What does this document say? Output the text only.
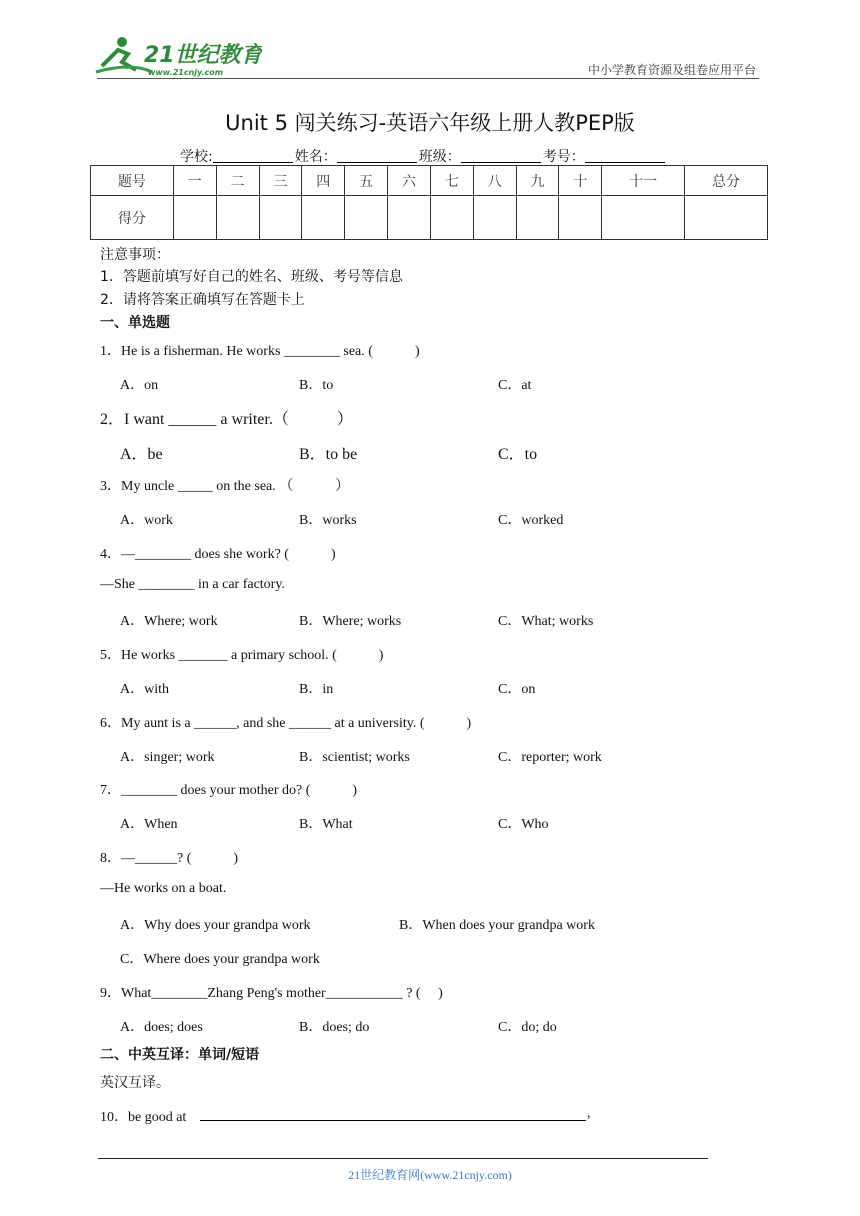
21世纪教育
www.21cnjy.com	中小学教育资源及组卷应用平台
Unit 5 闯关练习-英语六年级上册人教PEP版
学校:	姓名：	班级：	考号：
题号	一	二	三	四	五	六	七	八	九	十	十一	总分
得分												
注意事项：
1．答题前填写好自己的姓名、班级、考号等信息
2．请将答案正确填写在答题卡上
一、单选题
1．He is a fisherman. He works ________ sea. (　　　)
A．on	B．to	C．at
2．I want ______ a writer.（　　　）
A．be	B．to be	C．to
3．My uncle _____ on the sea. （　　　）
A．work	B．works	C．worked
4．—________ does she work? (　　　)
—She ________ in a car factory.
A．Where; work	B．Where; works	C．What; works
5．He works _______ a primary school. (　　　)
A．with	B．in	C．on
6．My aunt is a ______, and she ______ at a university. (　　　)
A．singer; work	B．scientist; works	C．reporter; work
7．________ does your mother do? (　　　)
A．When	B．What	C．Who
8．—______? (　　　)
—He works on a boat.
A．Why does your grandpa work	B．When does your grandpa work
C．Where does your grandpa work
9．What________Zhang Peng's mother___________ ? (　 )
A．does; does	B．does; do	C．do; do
二、中英互译：单词/短语
英汉互译。
10．be good at	,
21世纪教育网(www.21cnjy.com)
